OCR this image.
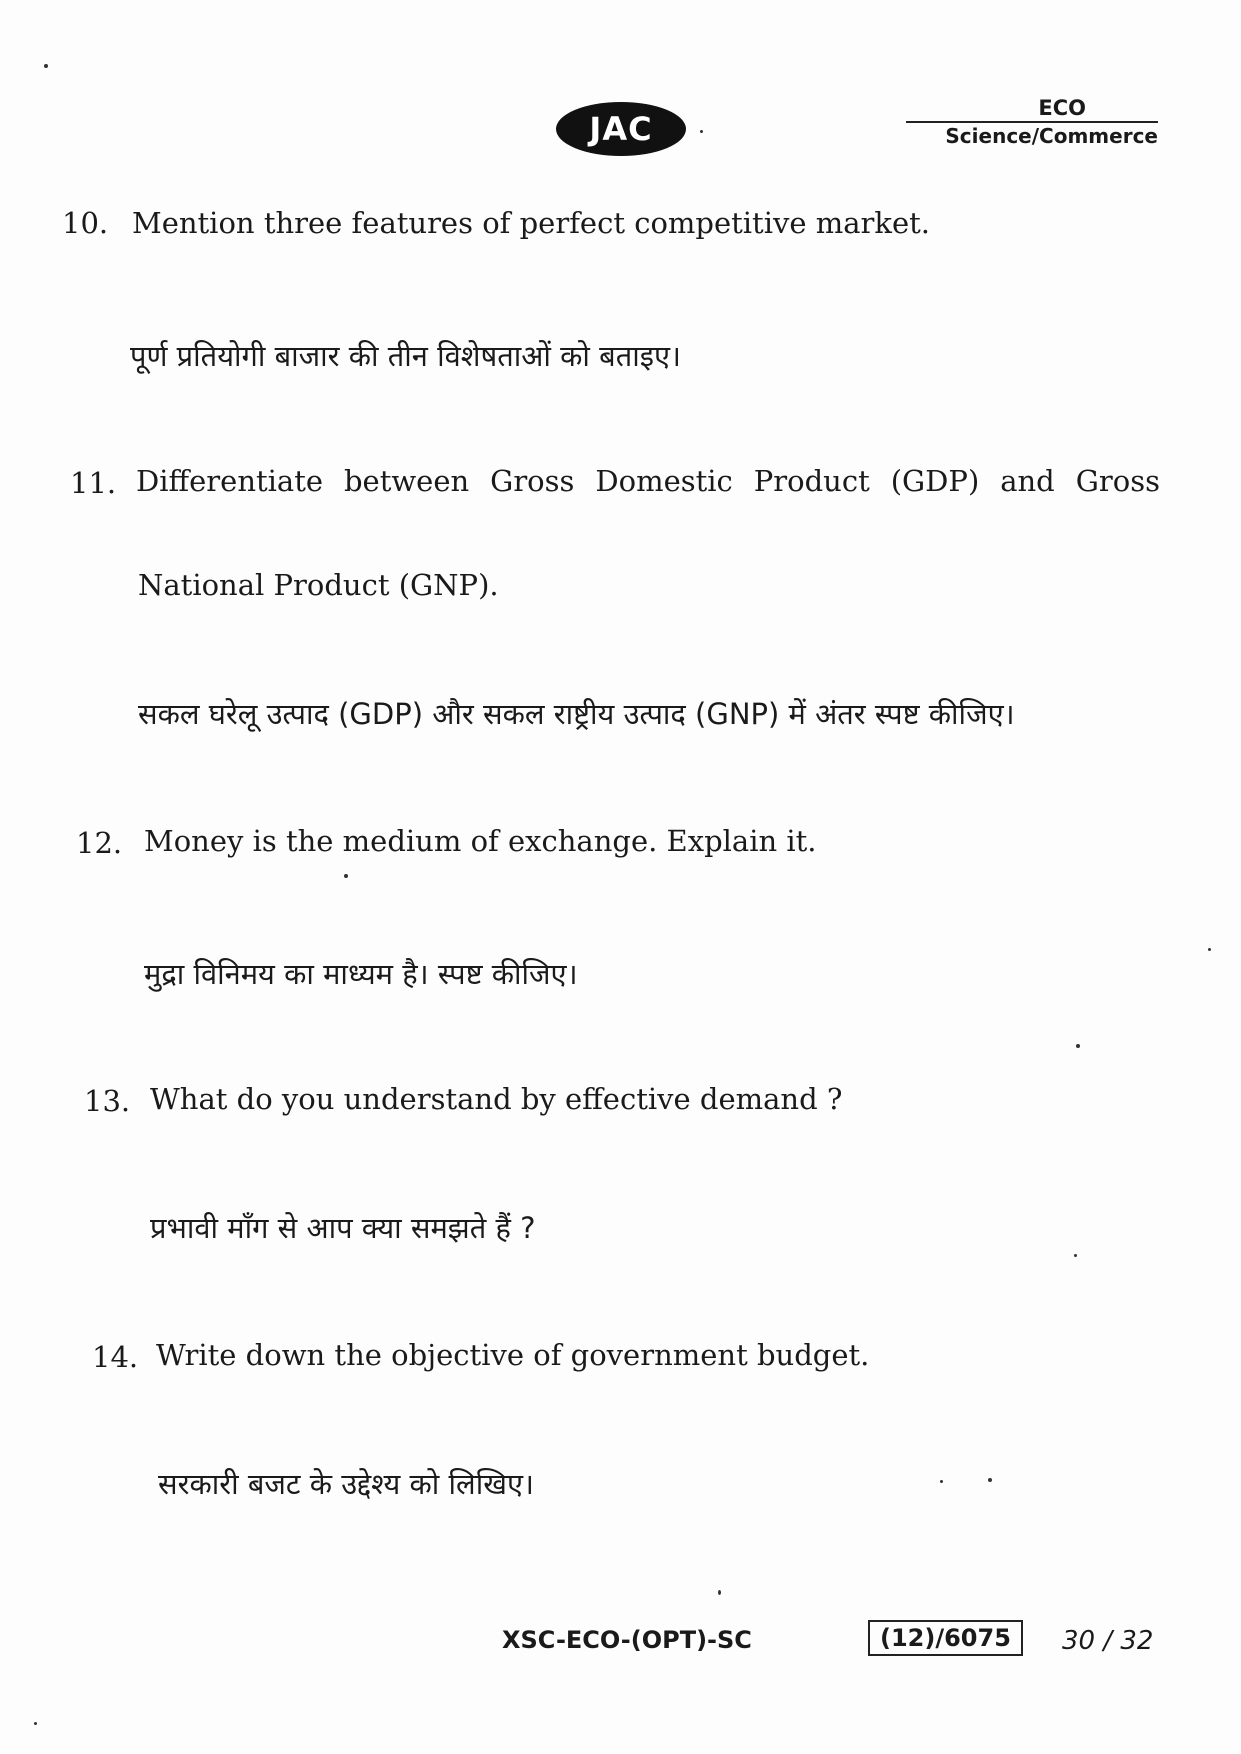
JAC
ECO
Science/Commerce
10. Mention three features of perfect competitive market.
पूर्ण प्रतियोगी बाजार की तीन विशेषताओं को बताइए।
11. Differentiate between Gross Domestic Product (GDP) and Gross
National Product (GNP).
सकल घरेलू उत्पाद (GDP) और सकल राष्ट्रीय उत्पाद (GNP) में अंतर स्पष्ट कीजिए।
12. Money is the medium of exchange. Explain it.
मुद्रा विनिमय का माध्यम है। स्पष्ट कीजिए।
13. What do you understand by effective demand ?
प्रभावी माँग से आप क्या समझते हैं ?
14. Write down the objective of government budget.
सरकारी बजट के उद्देश्य को लिखिए।
XSC-ECO-(OPT)-SC	(12)/6075	30 / 32
